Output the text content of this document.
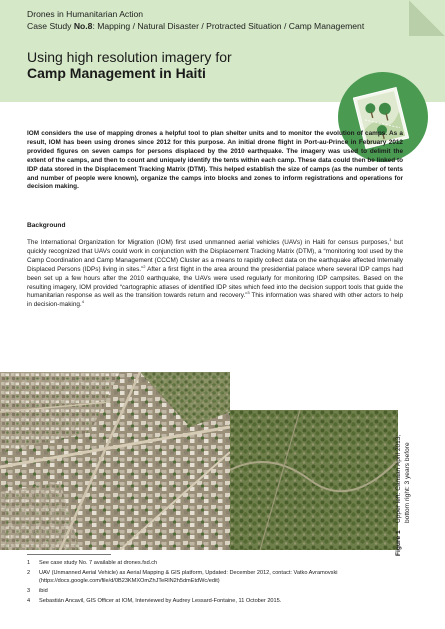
Drones in Humanitarian Action
Case Study No.8: Mapping / Natural Disaster / Protracted Situation / Camp Management
Using high resolution imagery for
Camp Management in Haiti

IOM considers the use of mapping drones a helpful tool to plan shelter units and to monitor the evolution of camps. As a result, IOM has been using drones since 2012 for this purpose. An initial drone flight in Port-au-Prince in February 2012 provided figures on seven camps for persons displaced by the 2010 earthquake. The imagery was used to delimit the extent of the camps, and then to count and uniquely identify the tents within each camp. These data could then be linked to IDP data stored in the Displacement Tracking Matrix (DTM). This helped establish the size of camps (as the number of tents and number of people were known), organize the camps into blocks and zones to inform registrations and operations for decision making.

Background

The International Organization for Migration (IOM) first used unmanned aerial vehicles (UAVs) in Haiti for census purposes,$^1$ but quickly recognized that UAVs could work in conjunction with the Displacement Tracking Matrix (DTM), a “monitoring tool used by the Camp Coordination and Camp Management (CCCM) Cluster as a means to rapidly collect data on the earthquake affected Internally Displaced Persons (IDPs) living in sites.”$^2$ After a first flight in the area around the presidential palace where several IDP camps had been set up a few hours after the 2010 earthquake, the UAVs were used regularly for monitoring IDP campsites. Based on the resulting imagery, IOM provided “cartographic atlases of identified IDP sites which feed into the decision support tools that guide the humanitarian response as well as the transition towards return and recovery.”$^3$ This information was shared with other actors to help in decision-making.$^4$

Figure 1    Upper left: Canaan April 2013; bottom right: 3 years before
1	See case study No. 7 available at drones.fsd.ch
2	UAV (Unmanned Aerial Vehicle) as Aerial Mapping & GIS platform, Updated: December 2012, contact: Vatko Avramovski (https://docs.google.com/file/d/0B23KMXOmZhJTeRlN2h5dmEtdWc/edit)
3	ibid
4	Sebastián Ancavil, GIS Officer at IOM, Interviewed by Audrey Lessard-Fontaine, 11 October 2015.
